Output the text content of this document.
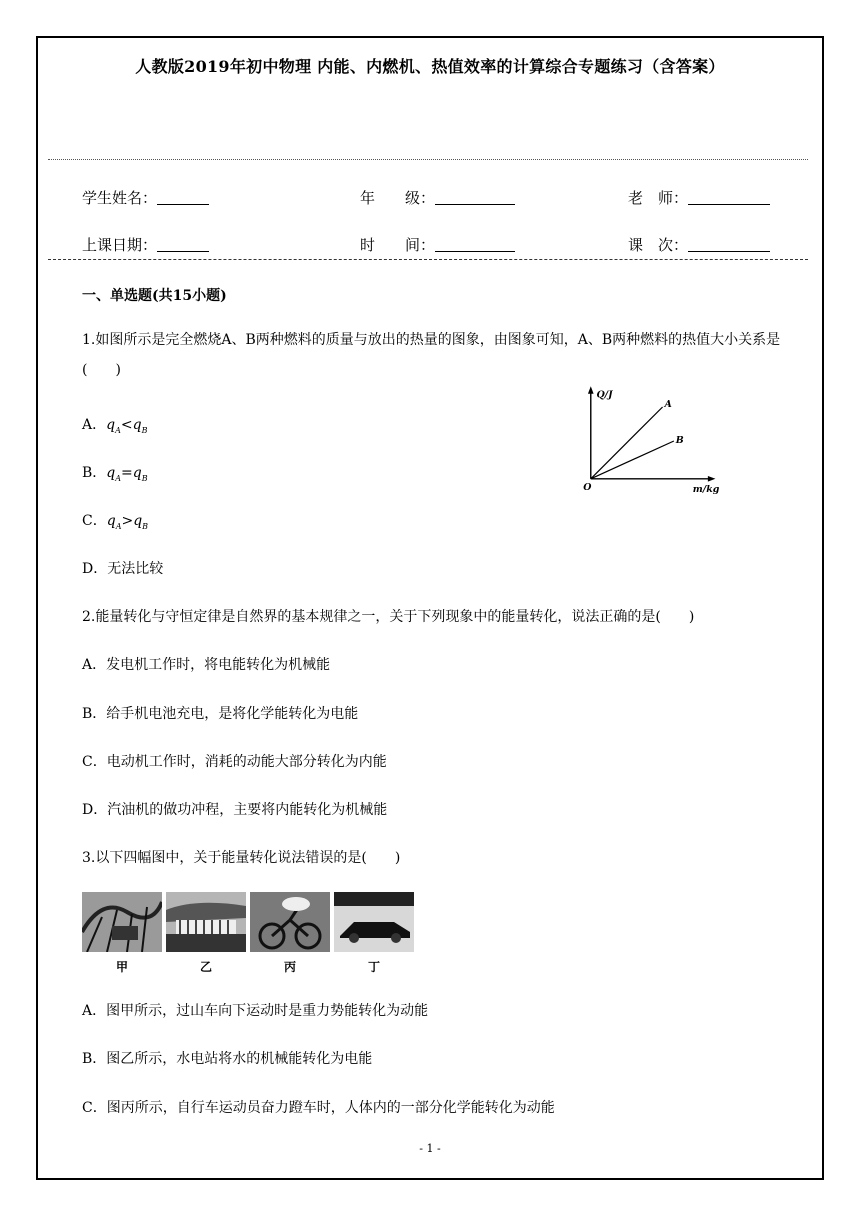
人教版2019年初中物理 内能、内燃机、热值效率的计算综合专题练习（含答案）
学生姓名：	年　　级：	老　师：
上课日期：	时　　间：	课　次：
一、单选题(共15小题)
1.如图所示是完全燃烧A、B两种燃料的质量与放出的热量的图象，由图象可知，A、B两种燃料的热值大小关系是(　　)
A．$q_A<q_B$
B．$q_A=q_B$
C．$q_A>q_B$
D．无法比较
Q/J
m/kg
O
A
B
2.能量转化与守恒定律是自然界的基本规律之一，关于下列现象中的能量转化，说法正确的是(　　)
A．发电机工作时，将电能转化为机械能
B．给手机电池充电，是将化学能转化为电能
C．电动机工作时，消耗的动能大部分转化为内能
D．汽油机的做功冲程，主要将内能转化为机械能
3.以下四幅图中，关于能量转化说法错误的是(　　)
甲	乙	丙	丁
A．图甲所示，过山车向下运动时是重力势能转化为动能
B．图乙所示，水电站将水的机械能转化为电能
C．图丙所示，自行车运动员奋力蹬车时，人体内的一部分化学能转化为动能
- 1 -
